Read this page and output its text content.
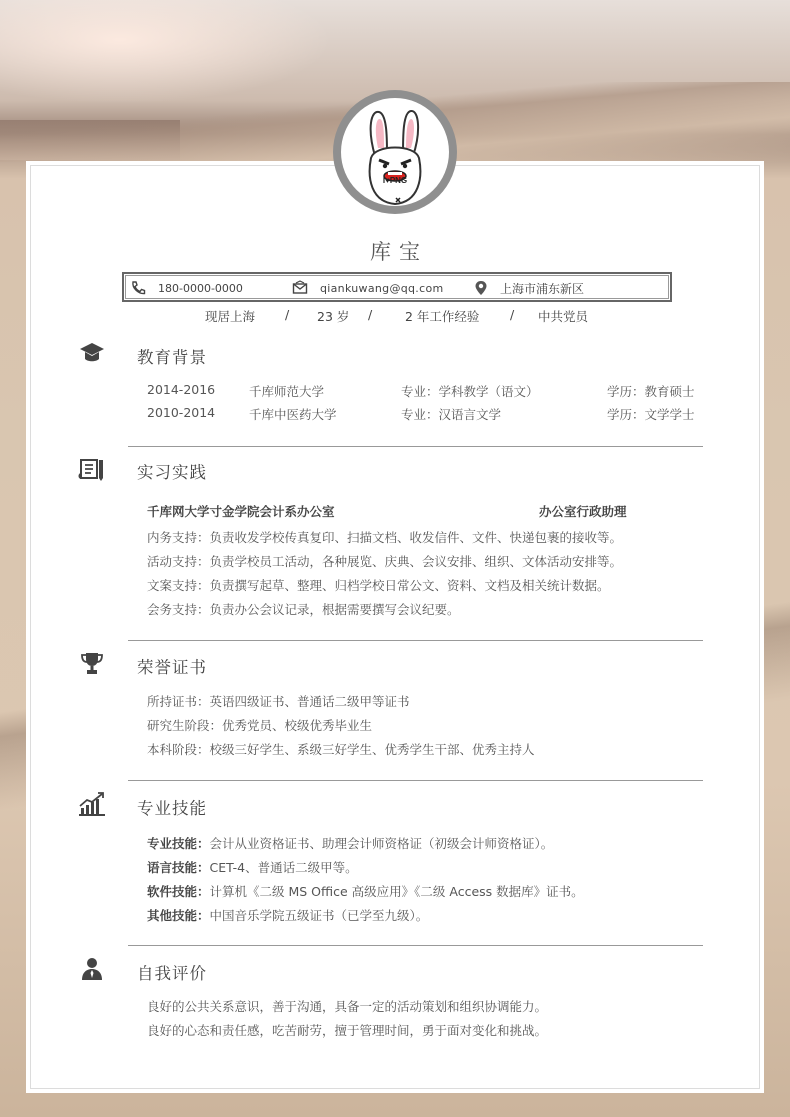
I♥PNG
库宝
180-0000-0000	qiankuwang@qq.com	上海市浦东新区
现居上海 / 23 岁 /	2 年工作经验 / 中共党员
教育背景
2014-2016	千库师范大学	专业：学科教学（语文）	学历：教育硕士
2010-2014	千库中医药大学	专业：汉语言文学	学历：文学学士
实习实践
千库网大学寸金学院会计系办公室	办公室行政助理
内务支持：负责收发学校传真复印、扫描文档、收发信件、文件、快递包裹的接收等。
活动支持：负责学校员工活动，各种展览、庆典、会议安排、组织、文体活动安排等。
文案支持：负责撰写起草、整理、归档学校日常公文、资料、文档及相关统计数据。
会务支持：负责办公会议记录，根据需要撰写会议纪要。
荣誉证书
所持证书：英语四级证书、普通话二级甲等证书
研究生阶段：优秀党员、校级优秀毕业生
本科阶段：校级三好学生、系级三好学生、优秀学生干部、优秀主持人
专业技能
专业技能：会计从业资格证书、助理会计师资格证（初级会计师资格证）。
语言技能：CET-4、普通话二级甲等。
软件技能：计算机《二级 MS Office 高级应用》《二级 Access 数据库》证书。
其他技能：中国音乐学院五级证书（已学至九级）。
自我评价
良好的公共关系意识，善于沟通，具备一定的活动策划和组织协调能力。
良好的心态和责任感，吃苦耐劳，擅于管理时间，勇于面对变化和挑战。
